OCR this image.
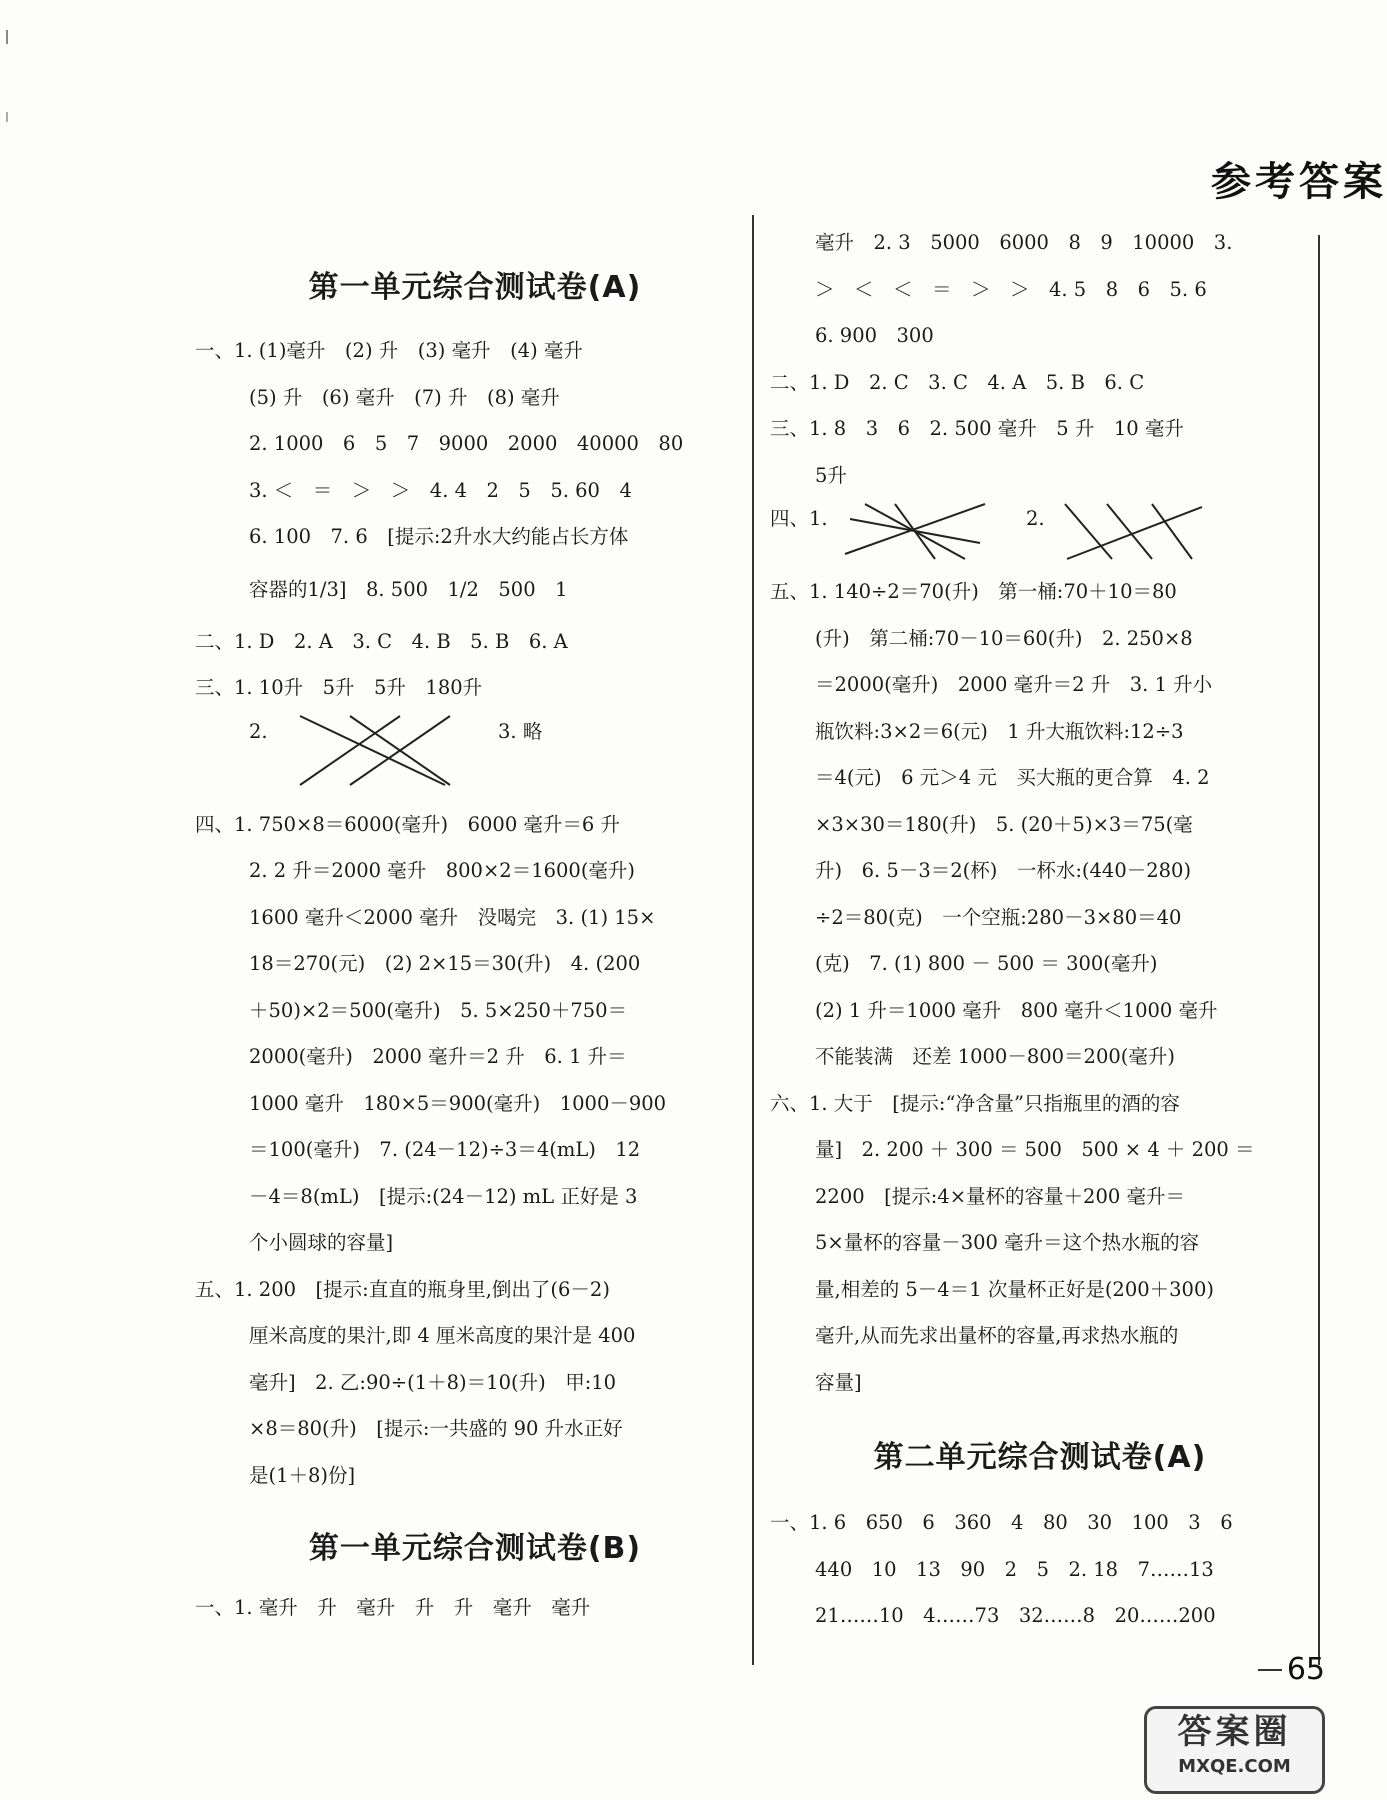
参考答案
第一单元综合测试卷(A)

一、1. (1)毫升　(2) 升　(3) 毫升　(4) 毫升

(5) 升　(6) 毫升　(7) 升　(8) 毫升

2. 1000　6　5　7　9000　2000　40000　80

3. ＜　＝　＞　＞　4. 4　2　5　5. 60　4

6. 100　7. 6　[提示:2升水大约能占长方体

容器的1/3]　8. 500　1/2　500　1

二、1. D　2. A　3. C　4. B　5. B　6. A

三、1. 10升　5升　5升　180升

2.	3. 略

四、1. 750×8＝6000(毫升)　6000 毫升＝6 升

2. 2 升＝2000 毫升　800×2＝1600(毫升)

1600 毫升＜2000 毫升　没喝完　3. (1) 15×

18＝270(元)　(2) 2×15＝30(升)　4. (200

＋50)×2＝500(毫升)　5. 5×250＋750＝

2000(毫升)　2000 毫升＝2 升　6. 1 升＝

1000 毫升　180×5＝900(毫升)　1000－900

＝100(毫升)　7. (24－12)÷3＝4(mL)　12

－4＝8(mL)　[提示:(24－12) mL 正好是 3

个小圆球的容量]

五、1. 200　[提示:直直的瓶身里,倒出了(6－2)

厘米高度的果汁,即 4 厘米高度的果汁是 400

毫升]　2. 乙:90÷(1＋8)＝10(升)　甲:10

×8＝80(升)　[提示:一共盛的 90 升水正好

是(1＋8)份]

第一单元综合测试卷(B)

一、1. 毫升　升　毫升　升　升　毫升　毫升

毫升　2. 3　5000　6000　8　9　10000　3.

＞　＜　＜　＝　＞　＞　4. 5　8　6　5. 6

6. 900　300

二、1. D　2. C　3. C　4. A　5. B　6. C

三、1. 8　3　6　2. 500 毫升　5 升　10 毫升

5升

四、1.	2.

五、1. 140÷2＝70(升)　第一桶:70＋10＝80

(升)　第二桶:70－10＝60(升)　2. 250×8

＝2000(毫升)　2000 毫升＝2 升　3. 1 升小

瓶饮料:3×2＝6(元)　1 升大瓶饮料:12÷3

＝4(元)　6 元＞4 元　买大瓶的更合算　4. 2

×3×30＝180(升)　5. (20＋5)×3＝75(毫

升)　6. 5－3＝2(杯)　一杯水:(440－280)

÷2＝80(克)　一个空瓶:280－3×80＝40

(克)　7. (1) 800 － 500 ＝ 300(毫升)

(2) 1 升＝1000 毫升　800 毫升＜1000 毫升

不能装满　还差 1000－800＝200(毫升)

六、1. 大于　[提示:“净含量”只指瓶里的酒的容

量]　2. 200 ＋ 300 ＝ 500　500 × 4 ＋ 200 ＝

2200　[提示:4×量杯的容量＋200 毫升＝

5×量杯的容量－300 毫升＝这个热水瓶的容

量,相差的 5－4＝1 次量杯正好是(200＋300)

毫升,从而先求出量杯的容量,再求热水瓶的

容量]

第二单元综合测试卷(A)

一、1. 6　650　6　360　4　80　30　100　3　6

440　10　13　90　2　5　2. 18　7……13

21……10　4……73　32……8　20……200

65
答案圈
MXQE.COM
